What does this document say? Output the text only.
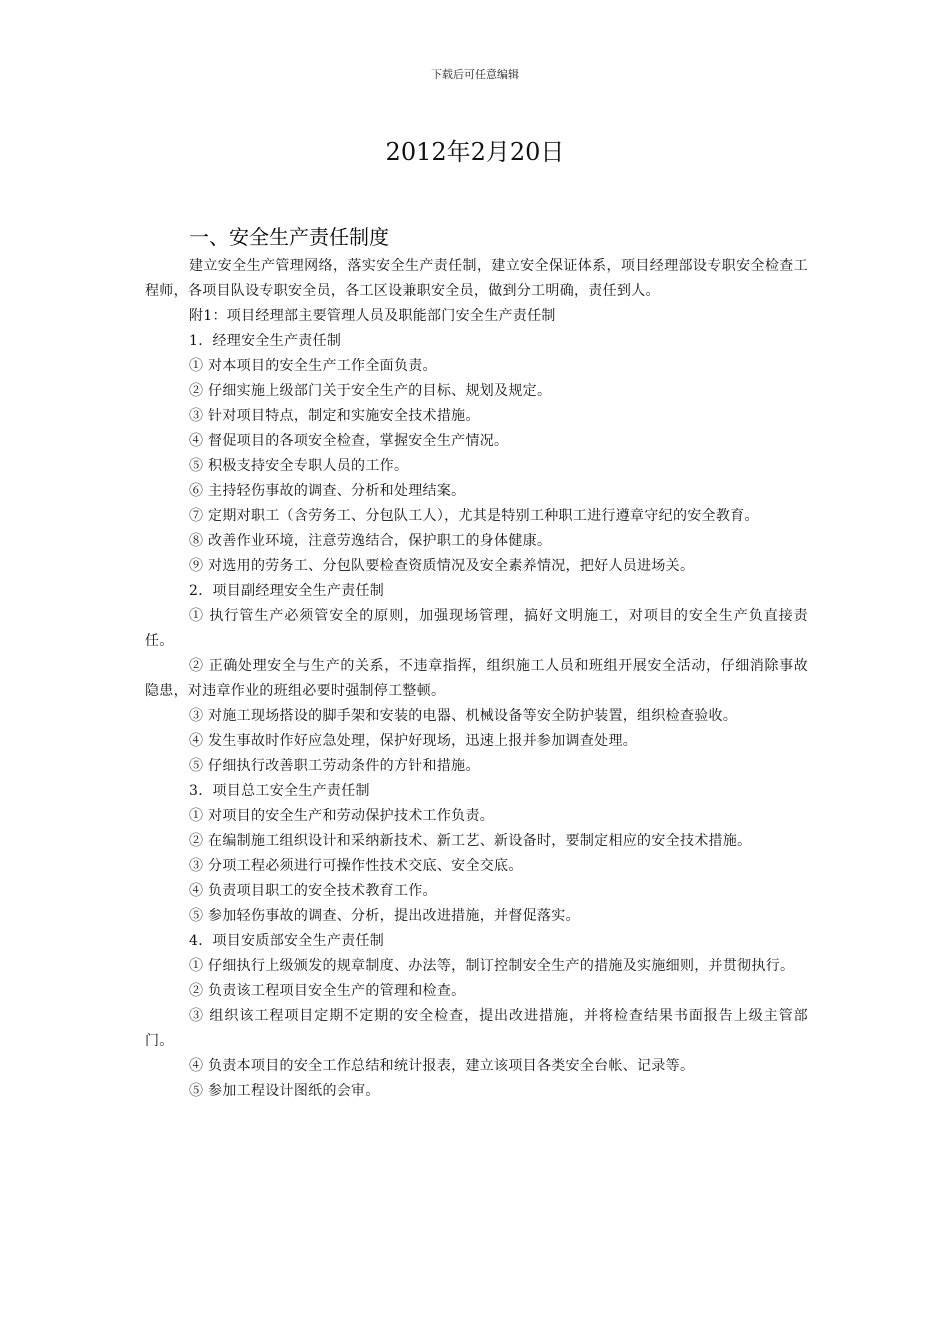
下载后可任意编辑
2012年2月20日
一、安全生产责任制度

建立安全生产管理网络，落实安全生产责任制，建立安全保证体系，项目经理部设专职安全检查工程师，各项目队设专职安全员，各工区设兼职安全员，做到分工明确，责任到人。

附1：项目经理部主要管理人员及职能部门安全生产责任制

1．经理安全生产责任制

① 对本项目的安全生产工作全面负责。

② 仔细实施上级部门关于安全生产的目标、规划及规定。

③ 针对项目特点，制定和实施安全技术措施。

④ 督促项目的各项安全检查，掌握安全生产情况。

⑤ 积极支持安全专职人员的工作。

⑥ 主持轻伤事故的调查、分析和处理结案。

⑦ 定期对职工（含劳务工、分包队工人），尤其是特别工种职工进行遵章守纪的安全教育。

⑧ 改善作业环境，注意劳逸结合，保护职工的身体健康。

⑨ 对选用的劳务工、分包队要检查资质情况及安全素养情况，把好人员进场关。

2．项目副经理安全生产责任制

① 执行管生产必须管安全的原则，加强现场管理，搞好文明施工，对项目的安全生产负直接责任。

② 正确处理安全与生产的关系，不违章指挥，组织施工人员和班组开展安全活动，仔细消除事故隐患，对违章作业的班组必要时强制停工整顿。

③ 对施工现场搭设的脚手架和安装的电器、机械设备等安全防护装置，组织检查验收。

④ 发生事故时作好应急处理，保护好现场，迅速上报并参加调查处理。

⑤ 仔细执行改善职工劳动条件的方针和措施。

3．项目总工安全生产责任制

① 对项目的安全生产和劳动保护技术工作负责。

② 在编制施工组织设计和采纳新技术、新工艺、新设备时，要制定相应的安全技术措施。

③ 分项工程必须进行可操作性技术交底、安全交底。

④ 负责项目职工的安全技术教育工作。

⑤ 参加轻伤事故的调查、分析，提出改进措施，并督促落实。

4．项目安质部安全生产责任制

① 仔细执行上级颁发的规章制度、办法等，制订控制安全生产的措施及实施细则，并贯彻执行。

② 负责该工程项目安全生产的管理和检查。

③ 组织该工程项目定期不定期的安全检查，提出改进措施，并将检查结果书面报告上级主管部门。

④ 负责本项目的安全工作总结和统计报表，建立该项目各类安全台帐、记录等。

⑤ 参加工程设计图纸的会审。
